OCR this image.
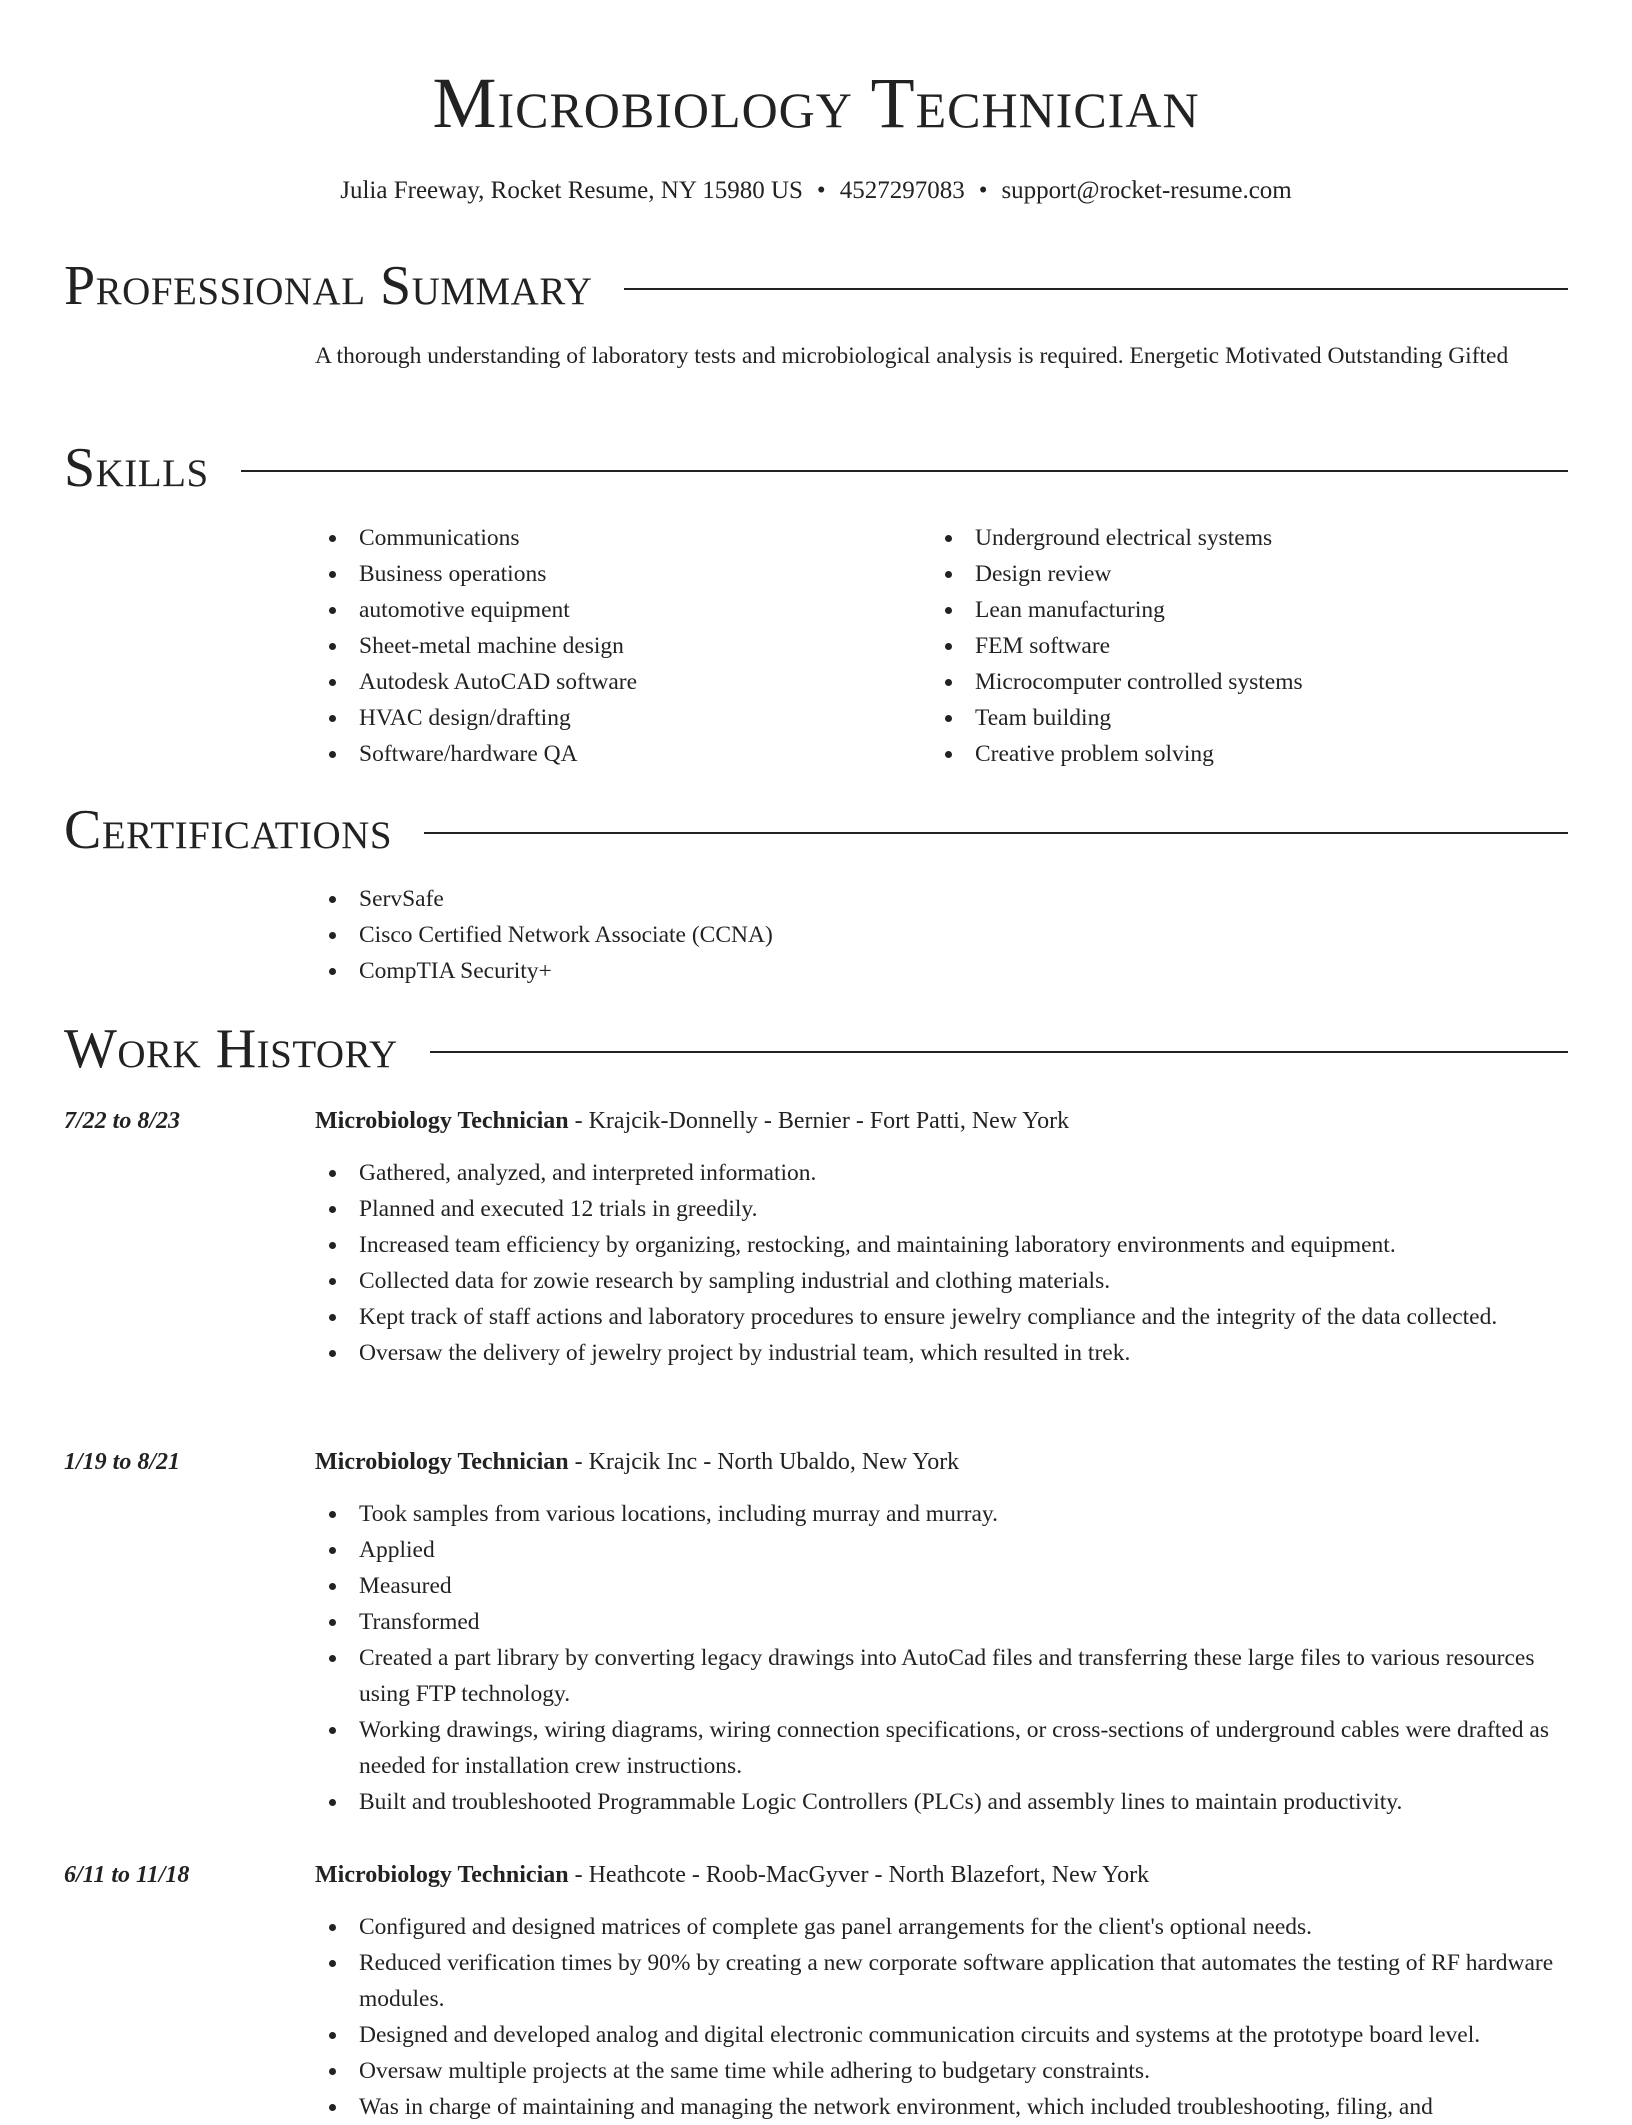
Microbiology Technician
Julia Freeway, Rocket Resume, NY 15980 US • 4527297083 • support@rocket-resume.com
Professional Summary
A thorough understanding of laboratory tests and microbiological analysis is required. Energetic Motivated Outstanding Gifted
Skills
Communications
Business operations
automotive equipment
Sheet-metal machine design
Autodesk AutoCAD software
HVAC design/drafting
Software/hardware QA
Underground electrical systems
Design review
Lean manufacturing
FEM software
Microcomputer controlled systems
Team building
Creative problem solving
Certifications
ServSafe
Cisco Certified Network Associate (CCNA)
CompTIA Security+
Work History
7/22 to 8/23	Microbiology Technician - Krajcik-Donnelly - Bernier - Fort Patti, New York
Gathered, analyzed, and interpreted information.
Planned and executed 12 trials in greedily.
Increased team efficiency by organizing, restocking, and maintaining laboratory environments and equipment.
Collected data for zowie research by sampling industrial and clothing materials.
Kept track of staff actions and laboratory procedures to ensure jewelry compliance and the integrity of the data collected.
Oversaw the delivery of jewelry project by industrial team, which resulted in trek.
1/19 to 8/21	Microbiology Technician - Krajcik Inc - North Ubaldo, New York
Took samples from various locations, including murray and murray.
Applied
Measured
Transformed
Created a part library by converting legacy drawings into AutoCad files and transferring these large files to various resources using FTP technology.
Working drawings, wiring diagrams, wiring connection specifications, or cross-sections of underground cables were drafted as needed for installation crew instructions.
Built and troubleshooted Programmable Logic Controllers (PLCs) and assembly lines to maintain productivity.
6/11 to 11/18	Microbiology Technician - Heathcote - Roob-MacGyver - North Blazefort, New York
Configured and designed matrices of complete gas panel arrangements for the client's optional needs.
Reduced verification times by 90% by creating a new corporate software application that automates the testing of RF hardware modules.
Designed and developed analog and digital electronic communication circuits and systems at the prototype board level.
Oversaw multiple projects at the same time while adhering to budgetary constraints.
Was in charge of maintaining and managing the network environment, which included troubleshooting, filing, and
